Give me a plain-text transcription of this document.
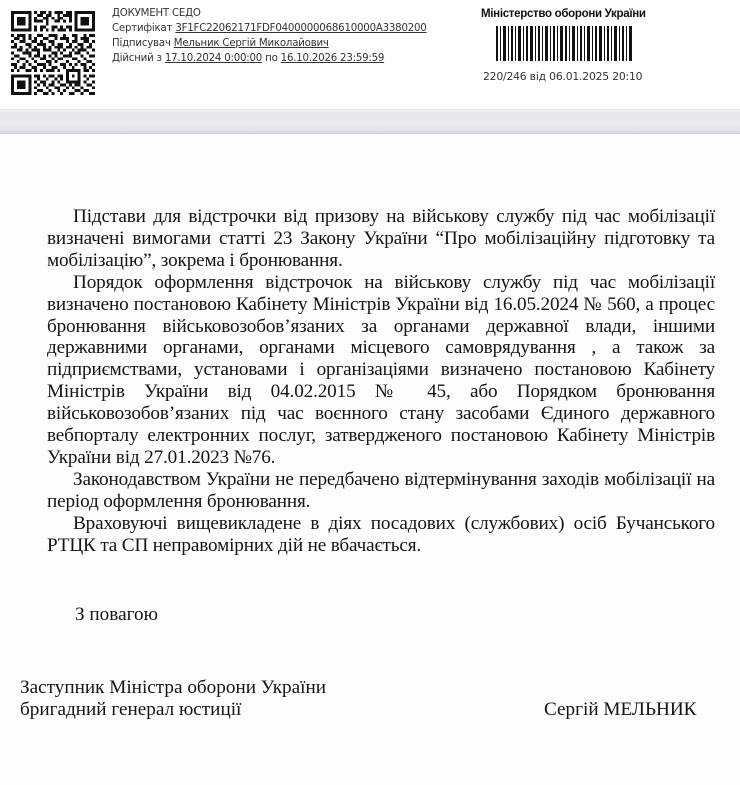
ДОКУМЕНТ СЕДО
Сертифікат 3F1FC22062171FDF040000006861000​0A3380200
Підписувач Мельник Сергій Миколайович
Дійсний з 17.10.2024 0:00:00 по 16.10.2026 23:59:59
Міністерство оборони України
220/246 від 06.01.2025 20:10

Підстави для відстрочки від призову на військову службу під час мобілізації визначені вимогами статті 23 Закону України “Про мобілізаційну підготовку та мобілізацію”, зокрема і бронювання.

Порядок оформлення відстрочок на військову службу під час мобілізації визначено постановою Кабінету Міністрів України від 16.05.2024 № 560, а процес бронювання військовозобов’язаних за органами державної влади, іншими державними органами, органами місцевого самоврядування , а також за підприємствами, установами і організаціями визначено постановою Кабінету Міністрів України від 04.02.2015 № 45, або Порядком бронювання військовозобов’язаних під час воєнного стану засобами Єдиного державного вебпорталу електронних послуг, затвердженого постановою Кабінету Міністрів України від 27.01.2023 №76.

Законодавством України не передбачено відтермінування заходів мобілізації на період оформлення бронювання.

Враховуючі вищевикладене в діях посадових (службових) осіб Бучанського РТЦК та СП неправомірних дій не вбачається.

З повагою
Заступник Міністра оборони України
бригадний генерал юстиції	Сергій МЕЛЬНИК
